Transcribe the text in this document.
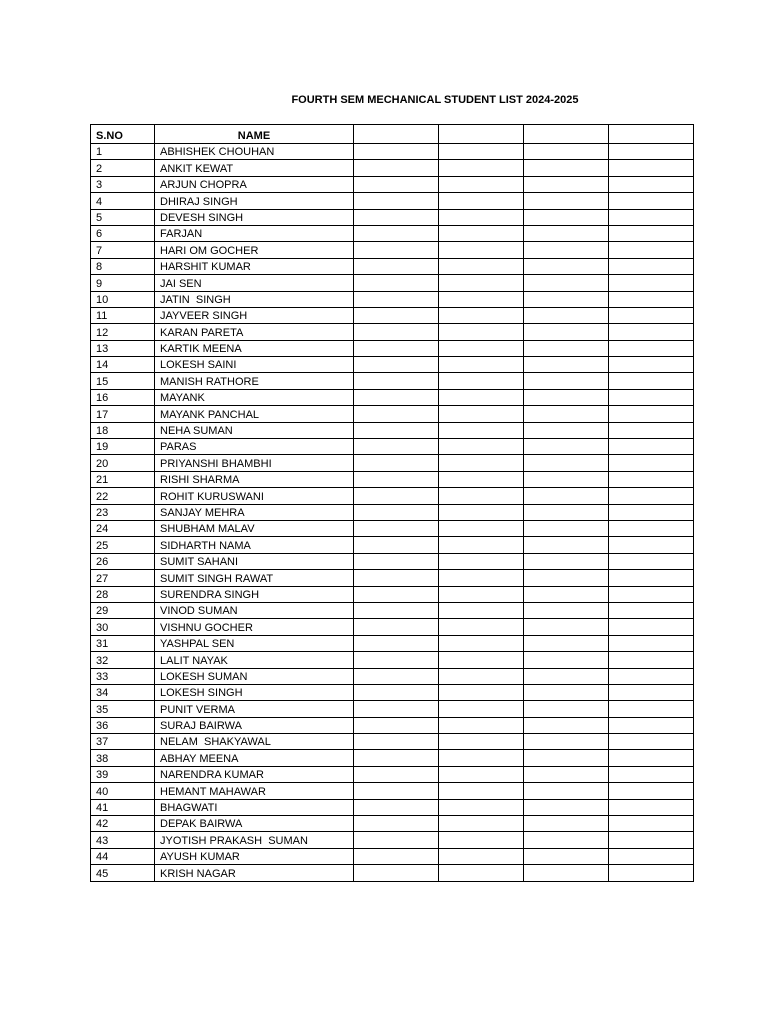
FOURTH SEM MECHANICAL STUDENT LIST 2024-2025
S.NO	NAME				
1	ABHISHEK CHOUHAN				
2	ANKIT KEWAT				
3	ARJUN CHOPRA				
4	DHIRAJ SINGH				
5	DEVESH SINGH				
6	FARJAN				
7	HARI OM GOCHER				
8	HARSHIT KUMAR				
9	JAI SEN				
10	JATIN  SINGH				
11	JAYVEER SINGH				
12	KARAN PARETA				
13	KARTIK MEENA				
14	LOKESH SAINI				
15	MANISH RATHORE				
16	MAYANK				
17	MAYANK PANCHAL				
18	NEHA SUMAN				
19	PARAS				
20	PRIYANSHI BHAMBHI				
21	RISHI SHARMA				
22	ROHIT KURUSWANI				
23	SANJAY MEHRA				
24	SHUBHAM MALAV				
25	SIDHARTH NAMA				
26	SUMIT SAHANI				
27	SUMIT SINGH RAWAT				
28	SURENDRA SINGH				
29	VINOD SUMAN				
30	VISHNU GOCHER				
31	YASHPAL SEN				
32	LALIT NAYAK				
33	LOKESH SUMAN				
34	LOKESH SINGH				
35	PUNIT VERMA				
36	SURAJ BAIRWA				
37	NELAM  SHAKYAWAL				
38	ABHAY MEENA				
39	NARENDRA KUMAR				
40	HEMANT MAHAWAR				
41	BHAGWATI				
42	DEPAK BAIRWA				
43	JYOTISH PRAKASH  SUMAN				
44	AYUSH KUMAR				
45	KRISH NAGAR				
